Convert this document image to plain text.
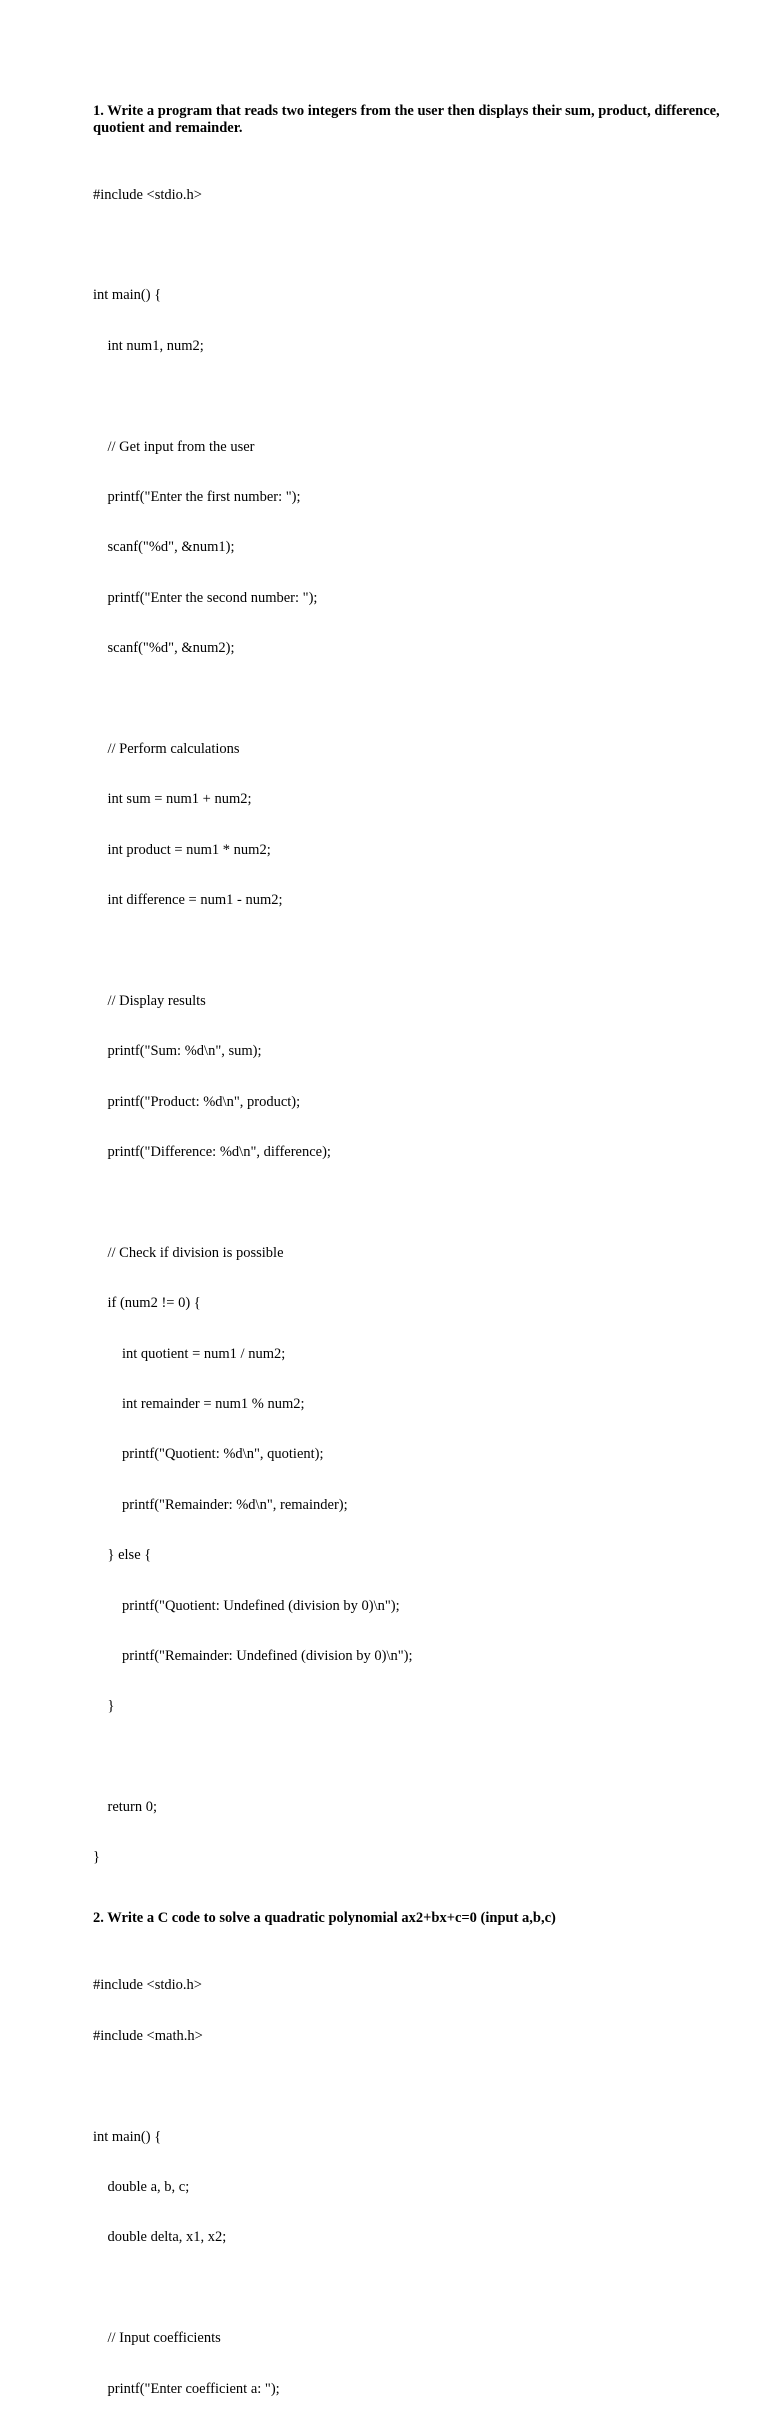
1. Write a program that reads two integers from the user then displays their sum, product, difference, quotient and remainder.

#include <stdio.h>

int main() {

int num1, num2;

// Get input from the user

printf("Enter the first number: ");

scanf("%d", &num1);

printf("Enter the second number: ");

scanf("%d", &num2);

// Perform calculations

int sum = num1 + num2;

int product = num1 * num2;

int difference = num1 - num2;

// Display results

printf("Sum: %d\n", sum);

printf("Product: %d\n", product);

printf("Difference: %d\n", difference);

// Check if division is possible

if (num2 != 0) {

int quotient = num1 / num2;

int remainder = num1 % num2;

printf("Quotient: %d\n", quotient);

printf("Remainder: %d\n", remainder);

} else {

printf("Quotient: Undefined (division by 0)\n");

printf("Remainder: Undefined (division by 0)\n");

}

return 0;

}

2. Write a C code to solve a quadratic polynomial ax2+bx+c=0 (input a,b,c)

#include <stdio.h>

#include <math.h>

int main() {

double a, b, c;

double delta, x1, x2;

// Input coefficients

printf("Enter coefficient a: ");
